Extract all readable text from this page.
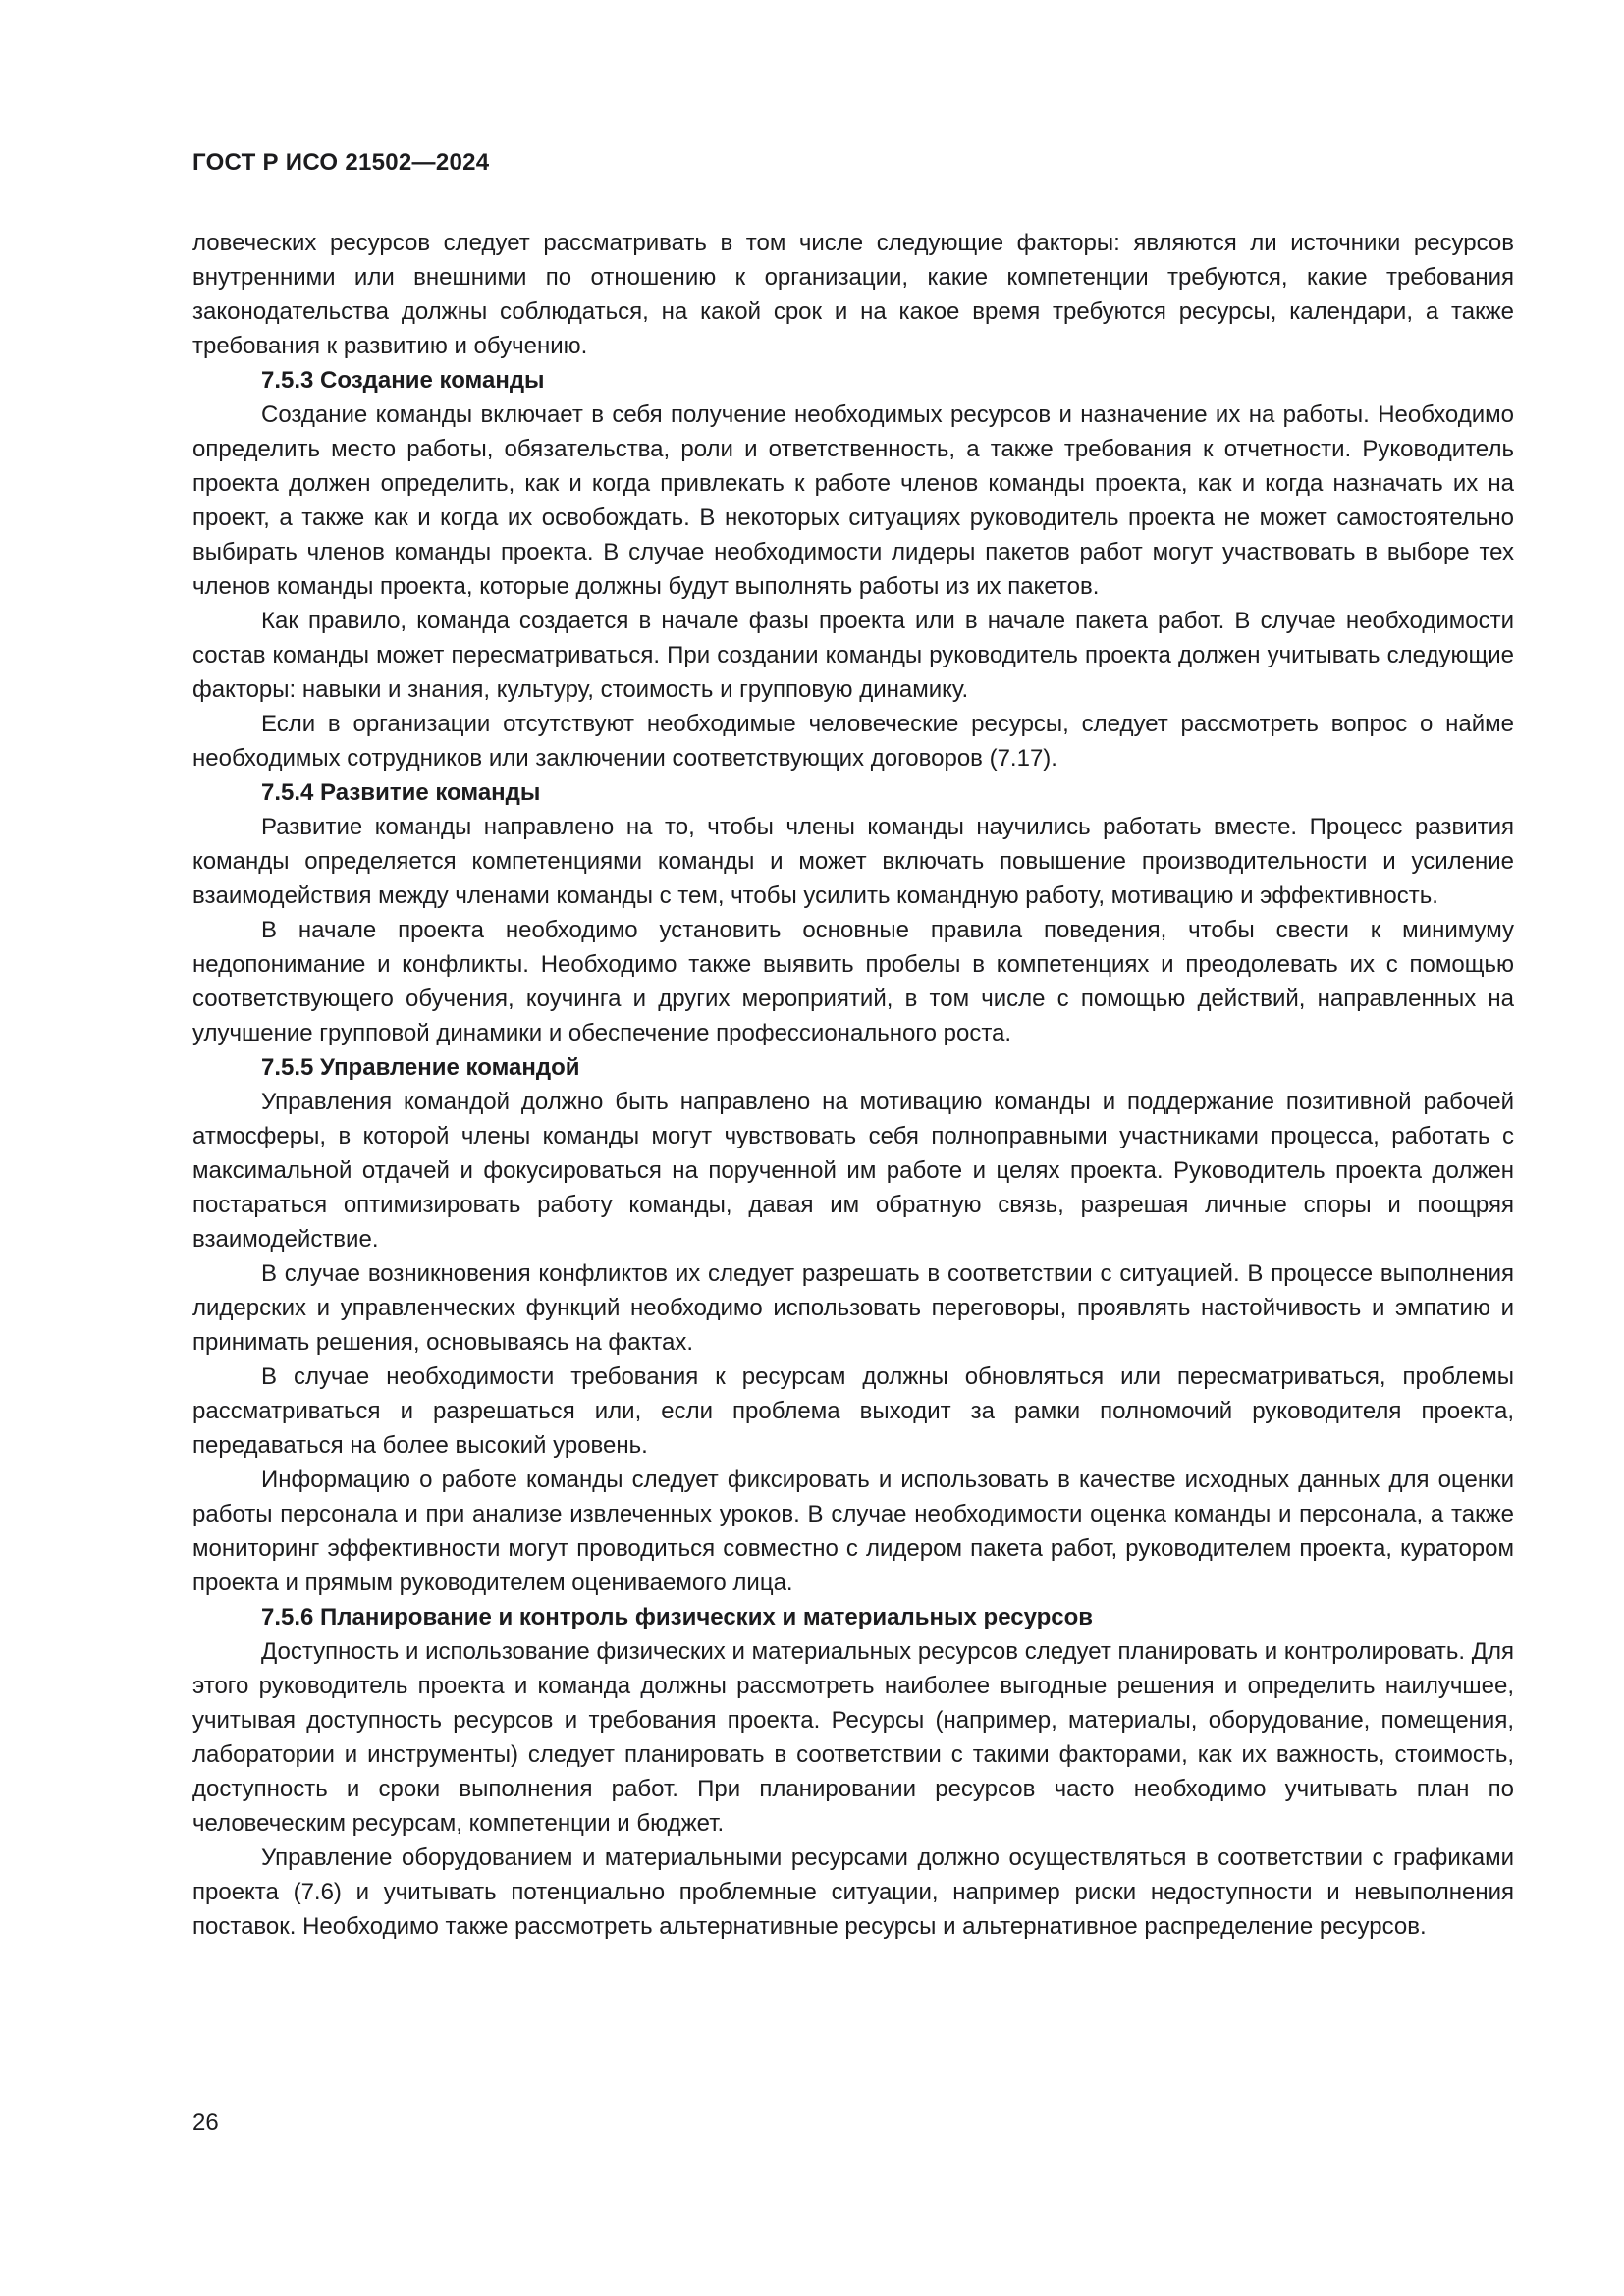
ГОСТ Р ИСО 21502—2024

ловеческих ресурсов следует рассматривать в том числе следующие факторы: являются ли источники ресурсов внутренними или внешними по отношению к организации, какие компетенции требуются, какие требования законодательства должны соблюдаться, на какой срок и на какое время требуются ресурсы, календари, а также требования к развитию и обучению.

7.5.3 Создание команды

Создание команды включает в себя получение необходимых ресурсов и назначение их на работы. Необходимо определить место работы, обязательства, роли и ответственность, а также требования к отчетности. Руководитель проекта должен определить, как и когда привлекать к работе членов команды проекта, как и когда назначать их на проект, а также как и когда их освобождать. В некоторых ситуациях руководитель проекта не может самостоятельно выбирать членов команды проекта. В случае необходимости лидеры пакетов работ могут участвовать в выборе тех членов команды проекта, которые должны будут выполнять работы из их пакетов.

Как правило, команда создается в начале фазы проекта или в начале пакета работ. В случае необходимости состав команды может пересматриваться. При создании команды руководитель проекта должен учитывать следующие факторы: навыки и знания, культуру, стоимость и групповую динамику.

Если в организации отсутствуют необходимые человеческие ресурсы, следует рассмотреть вопрос о найме необходимых сотрудников или заключении соответствующих договоров (7.17).

7.5.4 Развитие команды

Развитие команды направлено на то, чтобы члены команды научились работать вместе. Процесс развития команды определяется компетенциями команды и может включать повышение производительности и усиление взаимодействия между членами команды с тем, чтобы усилить командную работу, мотивацию и эффективность.

В начале проекта необходимо установить основные правила поведения, чтобы свести к минимуму недопонимание и конфликты. Необходимо также выявить пробелы в компетенциях и преодолевать их с помощью соответствующего обучения, коучинга и других мероприятий, в том числе с помощью действий, направленных на улучшение групповой динамики и обеспечение профессионального роста.

7.5.5 Управление командой

Управления командой должно быть направлено на мотивацию команды и поддержание позитивной рабочей атмосферы, в которой члены команды могут чувствовать себя полноправными участниками процесса, работать с максимальной отдачей и фокусироваться на порученной им работе и целях проекта. Руководитель проекта должен постараться оптимизировать работу команды, давая им обратную связь, разрешая личные споры и поощряя взаимодействие.

В случае возникновения конфликтов их следует разрешать в соответствии с ситуацией. В процессе выполнения лидерских и управленческих функций необходимо использовать переговоры, проявлять настойчивость и эмпатию и принимать решения, основываясь на фактах.

В случае необходимости требования к ресурсам должны обновляться или пересматриваться, проблемы рассматриваться и разрешаться или, если проблема выходит за рамки полномочий руководителя проекта, передаваться на более высокий уровень.

Информацию о работе команды следует фиксировать и использовать в качестве исходных данных для оценки работы персонала и при анализе извлеченных уроков. В случае необходимости оценка команды и персонала, а также мониторинг эффективности могут проводиться совместно с лидером пакета работ, руководителем проекта, куратором проекта и прямым руководителем оцениваемого лица.

7.5.6 Планирование и контроль физических и материальных ресурсов

Доступность и использование физических и материальных ресурсов следует планировать и контролировать. Для этого руководитель проекта и команда должны рассмотреть наиболее выгодные решения и определить наилучшее, учитывая доступность ресурсов и требования проекта. Ресурсы (например, материалы, оборудование, помещения, лаборатории и инструменты) следует планировать в соответствии с такими факторами, как их важность, стоимость, доступность и сроки выполнения работ. При планировании ресурсов часто необходимо учитывать план по человеческим ресурсам, компетенции и бюджет.

Управление оборудованием и материальными ресурсами должно осуществляться в соответствии с графиками проекта (7.6) и учитывать потенциально проблемные ситуации, например риски недоступности и невыполнения поставок. Необходимо также рассмотреть альтернативные ресурсы и альтернативное распределение ресурсов.

26
